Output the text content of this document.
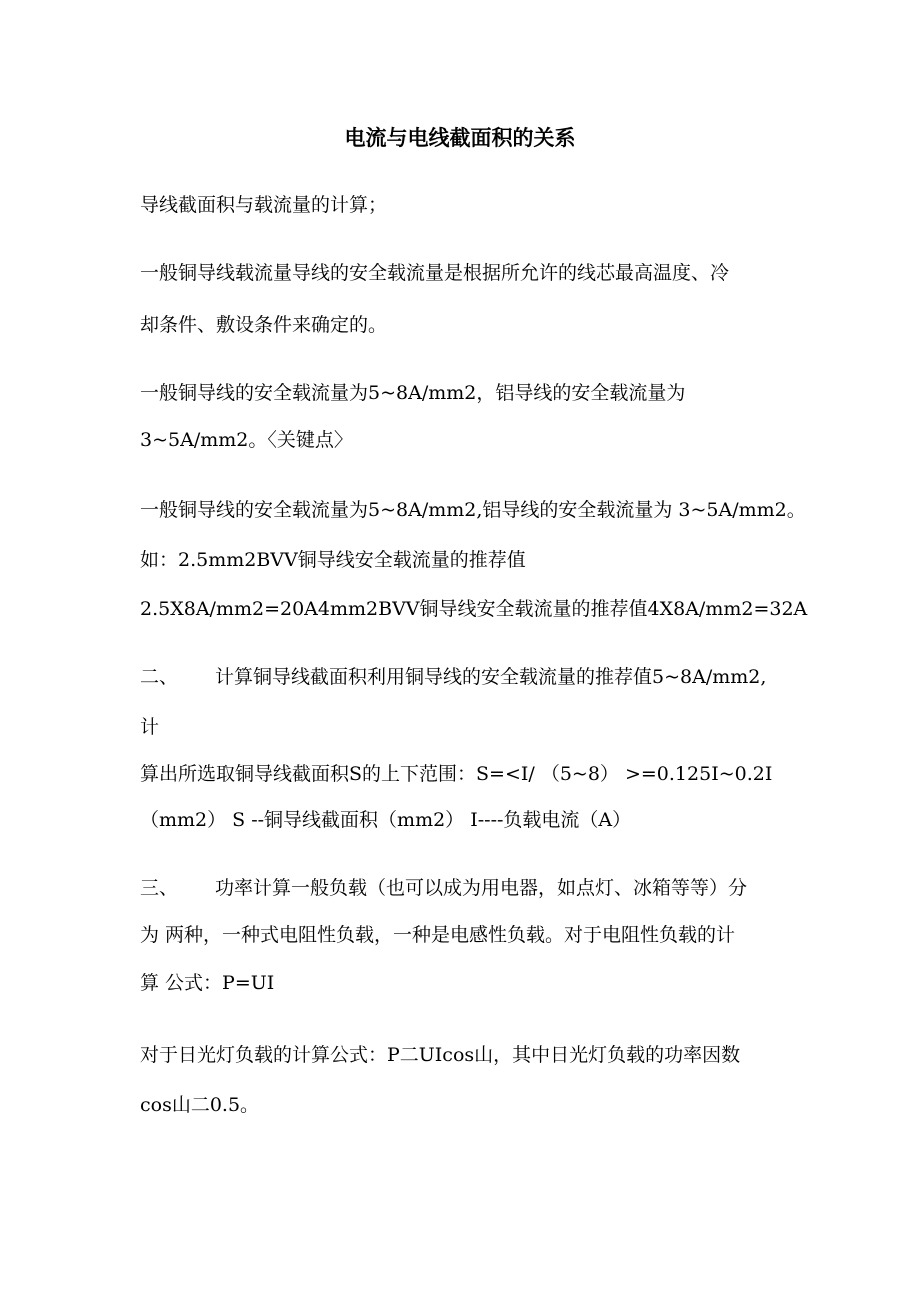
电流与电线截面积的关系

导线截面积与载流量的计算；

一般铜导线载流量导线的安全载流量是根据所允许的线芯最高温度、冷

却条件、敷设条件来确定的。

一般铜导线的安全载流量为5~8A/mm2，铝导线的安全载流量为

3~5A/mm2。〈关键点〉

一般铜导线的安全载流量为5~8A/mm2,铝导线的安全载流量为 3~5A/mm2。

如：2.5mm2BVV铜导线安全载流量的推荐值

2.5X8A/mm2=20A4mm2BVV铜导线安全载流量的推荐值4X8A/mm2=32A

二、 计算铜导线截面积利用铜导线的安全载流量的推荐值5~8A/mm2,

计

算出所选取铜导线截面积S的上下范围：S=<I/ （5~8） >=0.125I~0.2I

（mm2） S --铜导线截面积（mm2） I----负载电流（A）

三、 功率计算一般负载（也可以成为用电器，如点灯、冰箱等等）分

为 两种，一种式电阻性负载，一种是电感性负载。对于电阻性负载的计

算 公式：P=UI

对于日光灯负载的计算公式：P二UIcos山，其中日光灯负载的功率因数

cos山二0.5。
